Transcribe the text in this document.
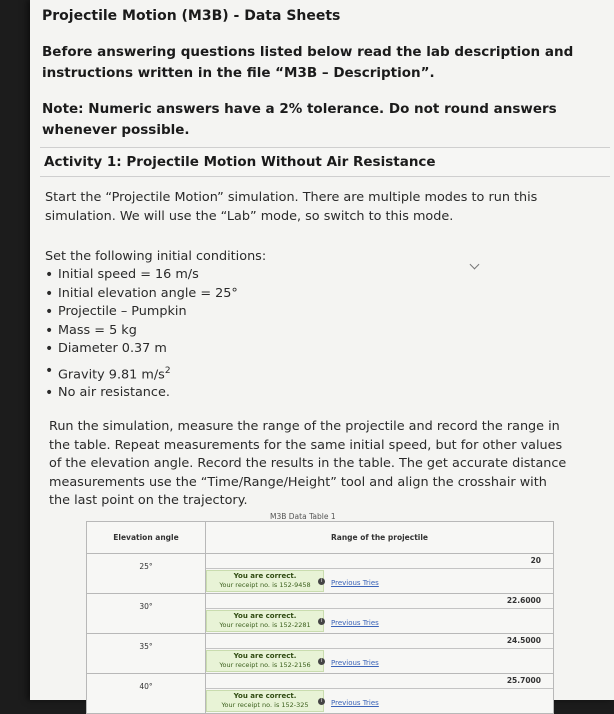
Projectile Motion (M3B) - Data Sheets
Before answering questions listed below read the lab description and instructions written in the file “M3B – Description”.
Note: Numeric answers have a 2% tolerance. Do not round answers whenever possible.
Activity 1: Projectile Motion Without Air Resistance
Start the “Projectile Motion” simulation. There are multiple modes to run this simulation. We will use the “Lab” mode, so switch to this mode.
Set the following initial conditions:
• Initial speed = 16 m/s
• Initial elevation angle = 25°
• Projectile – Pumpkin
• Mass = 5 kg
• Diameter 0.37 m
• Gravity 9.81 $m/s^2$
• No air resistance.
Run the simulation, measure the range of the projectile and record the range in the table. Repeat measurements for the same initial speed, but for other values of the elevation angle. Record the results in the table. The get accurate distance measurements use the “Time/Range/Height” tool and align the crosshair with the last point on the trajectory.
M3B Data Table 1
Elevation angle	Range of the projectile
25°	20
You are correct.
Your receipt no. is 152-9458 i Previous Tries

30°	22.6000
You are correct.
Your receipt no. is 152-2281 i Previous Tries

35°	24.5000
You are correct.
Your receipt no. is 152-2156 i Previous Tries

40°	25.7000
You are correct.
Your receipt no. is 152-325 i Previous Tries
